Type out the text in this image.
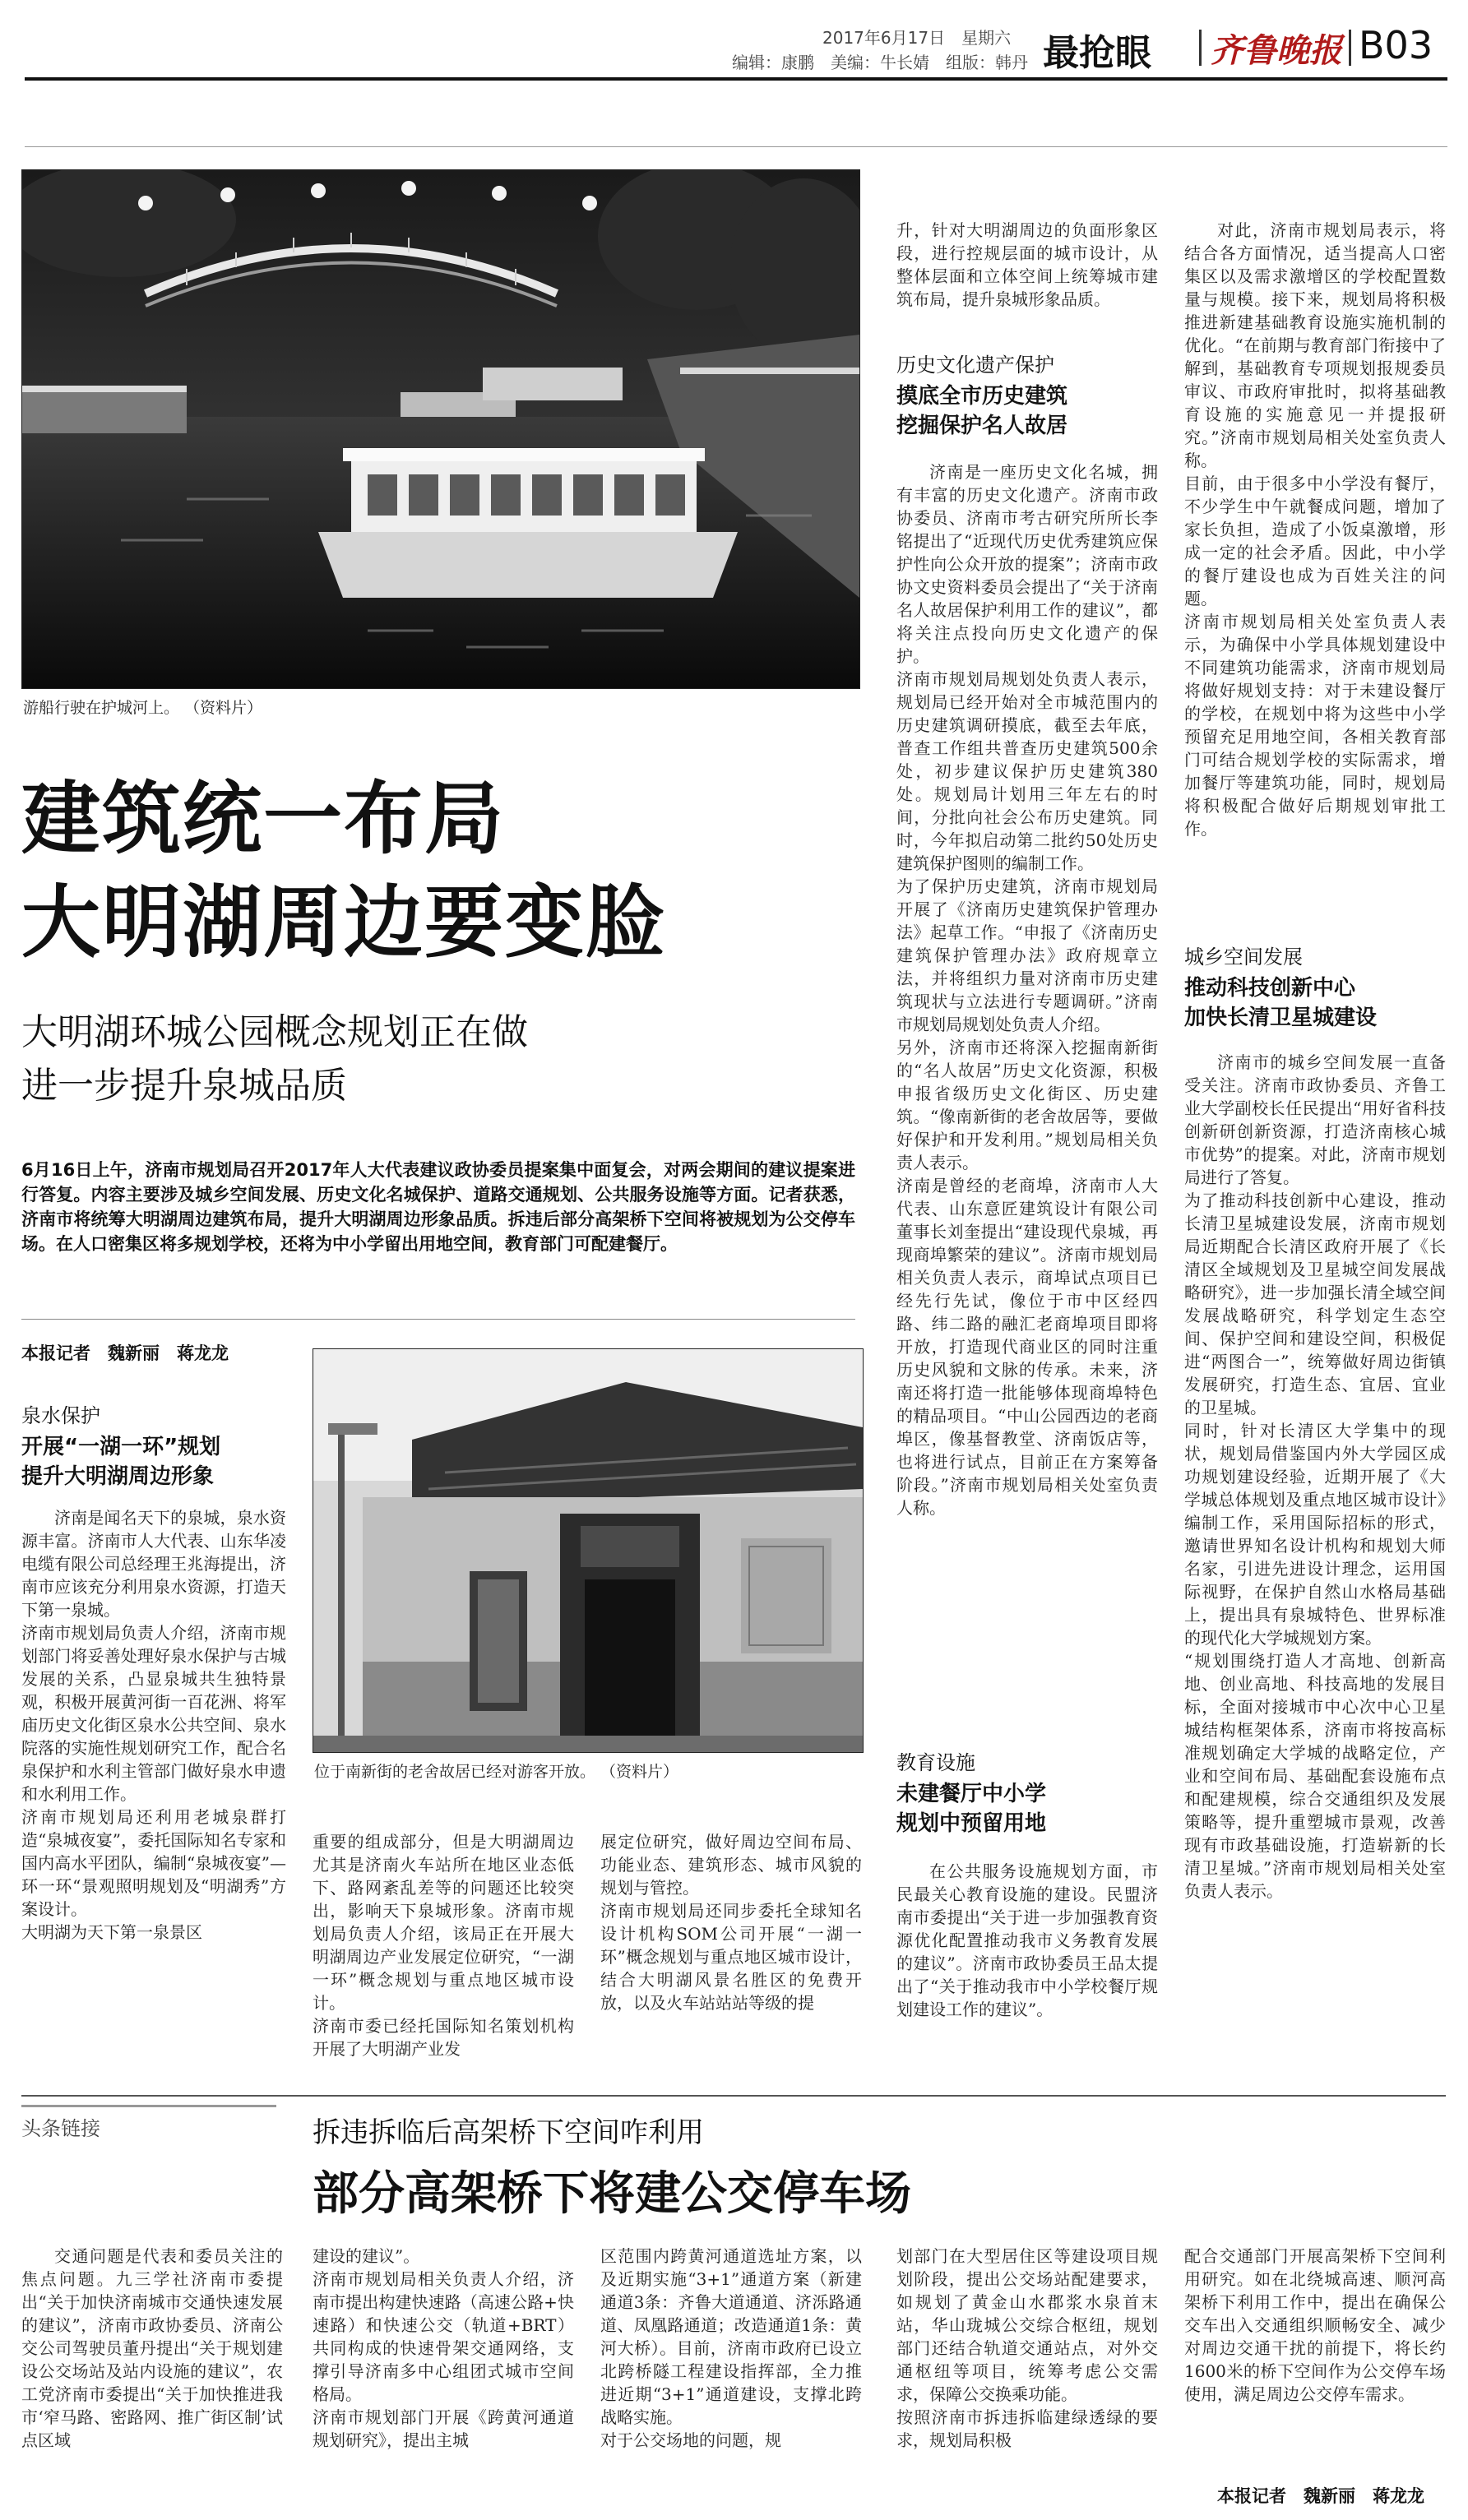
2017年6月17日　星期六
编辑：康鹏　美编：牛长婧　组版：韩丹 最抢眼 齐鲁晚报 B03
游船行驶在护城河上。 （资料片）
建筑统一布局
大明湖周边要变脸
大明湖环城公园概念规划正在做
进一步提升泉城品质
6月16日上午，济南市规划局召开2017年人大代表建议政协委员提案集中面复会，对两会期间的建议提案进行答复。内容主要涉及城乡空间发展、历史文化名城保护、道路交通规划、公共服务设施等方面。记者获悉，济南市将统筹大明湖周边建筑布局，提升大明湖周边形象品质。拆违后部分高架桥下空间将被规划为公交停车场。在人口密集区将多规划学校，还将为中小学留出用地空间，教育部门可配建餐厅。
本报记者　魏新丽　蒋龙龙
泉水保护
开展“一湖一环”规划
提升大明湖周边形象

济南是闻名天下的泉城，泉水资源丰富。济南市人大代表、山东华凌电缆有限公司总经理王兆海提出，济南市应该充分利用泉水资源，打造天下第一泉城。
济南市规划局负责人介绍，济南市规划部门将妥善处理好泉水保护与古城发展的关系，凸显泉城共生独特景观，积极开展黄河街一百花洲、将军庙历史文化街区泉水公共空间、泉水院落的实施性规划研究工作，配合名泉保护和水利主管部门做好泉水申遗和水利用工作。
济南市规划局还利用老城泉群打造“泉城夜宴”，委托国际知名专家和国内高水平团队，编制“泉城夜宴”—环一环“景观照明规划及“明湖秀”方案设计。
大明湖为天下第一泉景区

位于南新街的老舍故居已经对游客开放。 （资料片）

重要的组成部分，但是大明湖周边尤其是济南火车站所在地区业态低下、路网紊乱差等的问题还比较突出，影响天下泉城形象。济南市规划局负责人介绍，该局正在开展大明湖周边产业发展定位研究，“一湖一环”概念规划与重点地区城市设计。
济南市委已经托国际知名策划机构开展了大明湖产业发

展定位研究，做好周边空间布局、功能业态、建筑形态、城市风貌的规划与管控。
济南市规划局还同步委托全球知名设计机构SOM公司开展“一湖一环”概念规划与重点地区城市设计，结合大明湖风景名胜区的免费开放，以及火车站站站等级的提

升，针对大明湖周边的负面形象区段，进行控规层面的城市设计，从整体层面和立体空间上统筹城市建筑布局，提升泉城形象品质。

历史文化遗产保护
摸底全市历史建筑
挖掘保护名人故居

济南是一座历史文化名城，拥有丰富的历史文化遗产。济南市政协委员、济南市考古研究所所长李铭提出了“近现代历史优秀建筑应保护性向公众开放的提案”；济南市政协文史资料委员会提出了“关于济南名人故居保护利用工作的建议”，都将关注点投向历史文化遗产的保护。
济南市规划局规划处负责人表示，规划局已经开始对全市城范围内的历史建筑调研摸底，截至去年底，普查工作组共普查历史建筑500余处，初步建议保护历史建筑380处。规划局计划用三年左右的时间，分批向社会公布历史建筑。同时，今年拟启动第二批约50处历史建筑保护图则的编制工作。
为了保护历史建筑，济南市规划局开展了《济南历史建筑保护管理办法》起草工作。“申报了《济南历史建筑保护管理办法》政府规章立法，并将组织力量对济南市历史建筑现状与立法进行专题调研。”济南市规划局规划处负责人介绍。
另外，济南市还将深入挖掘南新街的“名人故居”历史文化资源，积极申报省级历史文化街区、历史建筑。“像南新街的老舍故居等，要做好保护和开发利用。”规划局相关负责人表示。
济南是曾经的老商埠，济南市人大代表、山东意匠建筑设计有限公司董事长刘奎提出“建设现代泉城，再现商埠繁荣的建议”。济南市规划局相关负责人表示，商埠试点项目已经先行先试，像位于市中区经四路、纬二路的融汇老商埠项目即将开放，打造现代商业区的同时注重历史风貌和文脉的传承。未来，济南还将打造一批能够体现商埠特色的精品项目。“中山公园西边的老商埠区，像基督教堂、济南饭店等，也将进行试点，目前正在方案筹备阶段。”济南市规划局相关处室负责人称。

教育设施
未建餐厅中小学
规划中预留用地

在公共服务设施规划方面，市民最关心教育设施的建设。民盟济南市委提出“关于进一步加强教育资源优化配置推动我市义务教育发展的建议”。济南市政协委员王品太提出了“关于推动我市中小学校餐厅规划建设工作的建议”。

对此，济南市规划局表示，将结合各方面情况，适当提高人口密集区以及需求激增区的学校配置数量与规模。接下来，规划局将积极推进新建基础教育设施实施机制的优化。“在前期与教育部门衔接中了解到，基础教育专项规划报规委员审议、市政府审批时，拟将基础教育设施的实施意见一并提报研究。”济南市规划局相关处室负责人称。
目前，由于很多中小学没有餐厅，不少学生中午就餐成问题，增加了家长负担，造成了小饭桌激增，形成一定的社会矛盾。因此，中小学的餐厅建设也成为百姓关注的问题。
济南市规划局相关处室负责人表示，为确保中小学具体规划建设中不同建筑功能需求，济南市规划局将做好规划支持：对于未建设餐厅的学校，在规划中将为这些中小学预留充足用地空间，各相关教育部门可结合规划学校的实际需求，增加餐厅等建筑功能，同时，规划局将积极配合做好后期规划审批工作。

城乡空间发展
推动科技创新中心
加快长清卫星城建设

济南市的城乡空间发展一直备受关注。济南市政协委员、齐鲁工业大学副校长任民提出“用好省科技创新研创新资源，打造济南核心城市优势”的提案。对此，济南市规划局进行了答复。
为了推动科技创新中心建设，推动长清卫星城建设发展，济南市规划局近期配合长清区政府开展了《长清区全域规划及卫星城空间发展战略研究》，进一步加强长清全域空间发展战略研究，科学划定生态空间、保护空间和建设空间，积极促进“两图合一”，统筹做好周边街镇发展研究，打造生态、宜居、宜业的卫星城。
同时，针对长清区大学集中的现状，规划局借鉴国内外大学园区成功规划建设经验，近期开展了《大学城总体规划及重点地区城市设计》编制工作，采用国际招标的形式，邀请世界知名设计机构和规划大师名家，引进先进设计理念，运用国际视野，在保护自然山水格局基础上，提出具有泉城特色、世界标准的现代化大学城规划方案。
“规划围绕打造人才高地、创新高地、创业高地、科技高地的发展目标，全面对接城市中心次中心卫星城结构框架体系，济南市将按高标准规划确定大学城的战略定位，产业和空间布局、基础配套设施布点和配建规模，综合交通组织及发展策略等，提升重塑城市景观，改善现有市政基础设施，打造崭新的长清卫星城。”济南市规划局相关处室负责人表示。

头条链接	拆违拆临后高架桥下空间咋利用
部分高架桥下将建公交停车场

交通问题是代表和委员关注的焦点问题。九三学社济南市委提出“关于加快济南城市交通快速发展的建议”，济南市政协委员、济南公交公司驾驶员董丹提出“关于规划建设公交场站及站内设施的建议”，农工党济南市委提出“关于加快推进我市‘窄马路、密路网、推广街区制’试点区域

建设的建议”。
济南市规划局相关负责人介绍，济南市提出构建快速路（高速公路+快速路）和快速公交（轨道+BRT）共同构成的快速骨架交通网络，支撑引导济南多中心组团式城市空间格局。
济南市规划部门开展《跨黄河通道规划研究》，提出主城

区范围内跨黄河通道选址方案，以及近期实施“3+1”通道方案（新建通道3条：齐鲁大道通道、济泺路通道、凤凰路通道；改造通道1条：黄河大桥）。目前，济南市政府已设立北跨桥隧工程建设指挥部，全力推进近期“3+1”通道建设，支撑北跨战略实施。
对于公交场地的问题，规

划部门在大型居住区等建设项目规划阶段，提出公交场站配建要求，如规划了黄金山水郡浆水泉首末站，华山珑城公交综合枢纽，规划部门还结合轨道交通站点，对外交通枢纽等项目，统筹考虑公交需求，保障公交换乘功能。
按照济南市拆违拆临建绿透绿的要求，规划局积极

配合交通部门开展高架桥下空间利用研究。如在北绕城高速、顺河高架桥下利用工作中，提出在确保公交车出入交通组织顺畅安全、减少对周边交通干扰的前提下，将长约1600米的桥下空间作为公交停车场使用，满足周边公交停车需求。

本报记者　魏新丽　蒋龙龙
